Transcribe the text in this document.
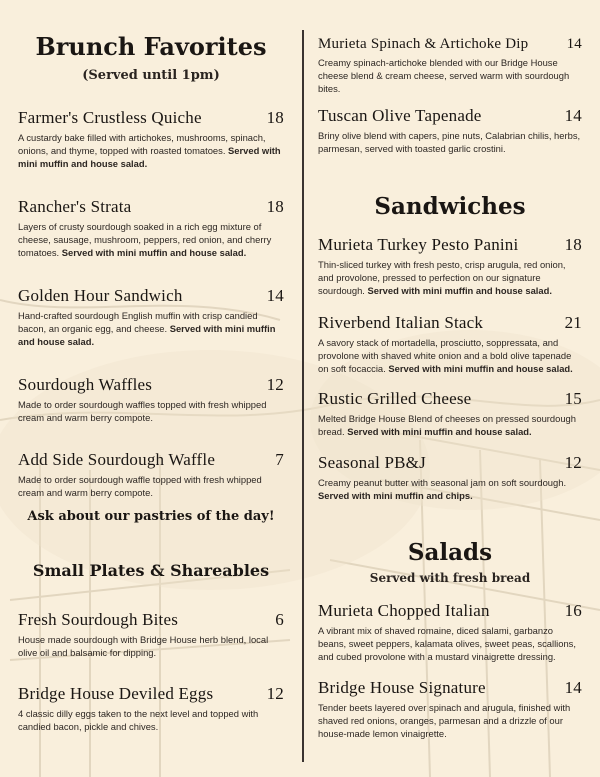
Brunch Favorites
(Served until 1pm)
Farmer's Crustless Quiche	18
A custardy bake filled with artichokes, mushrooms, spinach, onions, and thyme, topped with roasted tomatoes. Served with mini muffin and house salad.
Rancher's Strata	18
Layers of crusty sourdough soaked in a rich egg mixture of cheese, sausage, mushroom, peppers, red onion, and cherry tomatoes. Served with mini muffin and house salad.
Golden Hour Sandwich	14
Hand-crafted sourdough English muffin with crisp candied bacon, an organic egg, and cheese. Served with mini muffin and house salad.
Sourdough Waffles	12
Made to order sourdough waffles topped with fresh whipped cream and warm berry compote.
Add Side Sourdough Waffle	7
Made to order sourdough waffle topped with fresh whipped cream and warm berry compote.
Ask about our pastries of the day!
Small Plates & Shareables
Fresh Sourdough Bites	6
House made sourdough with Bridge House herb blend, local olive oil and balsamic for dipping.
Bridge House Deviled Eggs	12
4 classic dilly eggs taken to the next level and topped with candied bacon, pickle and chives.
Murieta Spinach & Artichoke Dip	14
Creamy spinach-artichoke blended with our Bridge House cheese blend & cream cheese, served warm with sourdough bites.
Tuscan Olive Tapenade	14
Briny olive blend with capers, pine nuts, Calabrian chilis, herbs, parmesan, served with toasted garlic crostini.
Sandwiches
Murieta Turkey Pesto Panini	18
Thin-sliced turkey with fresh pesto, crisp arugula, red onion, and provolone, pressed to perfection on our signature sourdough. Served with mini muffin and house salad.
Riverbend Italian Stack	21
A savory stack of mortadella, prosciutto, soppressata, and provolone with shaved white onion and a bold olive tapenade on soft focaccia. Served with mini muffin and house salad.
Rustic Grilled Cheese	15
Melted Bridge House Blend of cheeses on pressed sourdough bread. Served with mini muffin and house salad.
Seasonal PB&J	12
Creamy peanut butter with seasonal jam on soft sourdough. Served with mini muffin and chips.
Salads
Served with fresh bread
Murieta Chopped Italian	16
A vibrant mix of shaved romaine, diced salami, garbanzo beans, sweet peppers, kalamata olives, sweet peas, scallions, and cubed provolone with a mustard vinaigrette dressing.
Bridge House Signature	14
Tender beets layered over spinach and arugula, finished with shaved red onions, oranges, parmesan and a drizzle of our house-made lemon vinaigrette.
